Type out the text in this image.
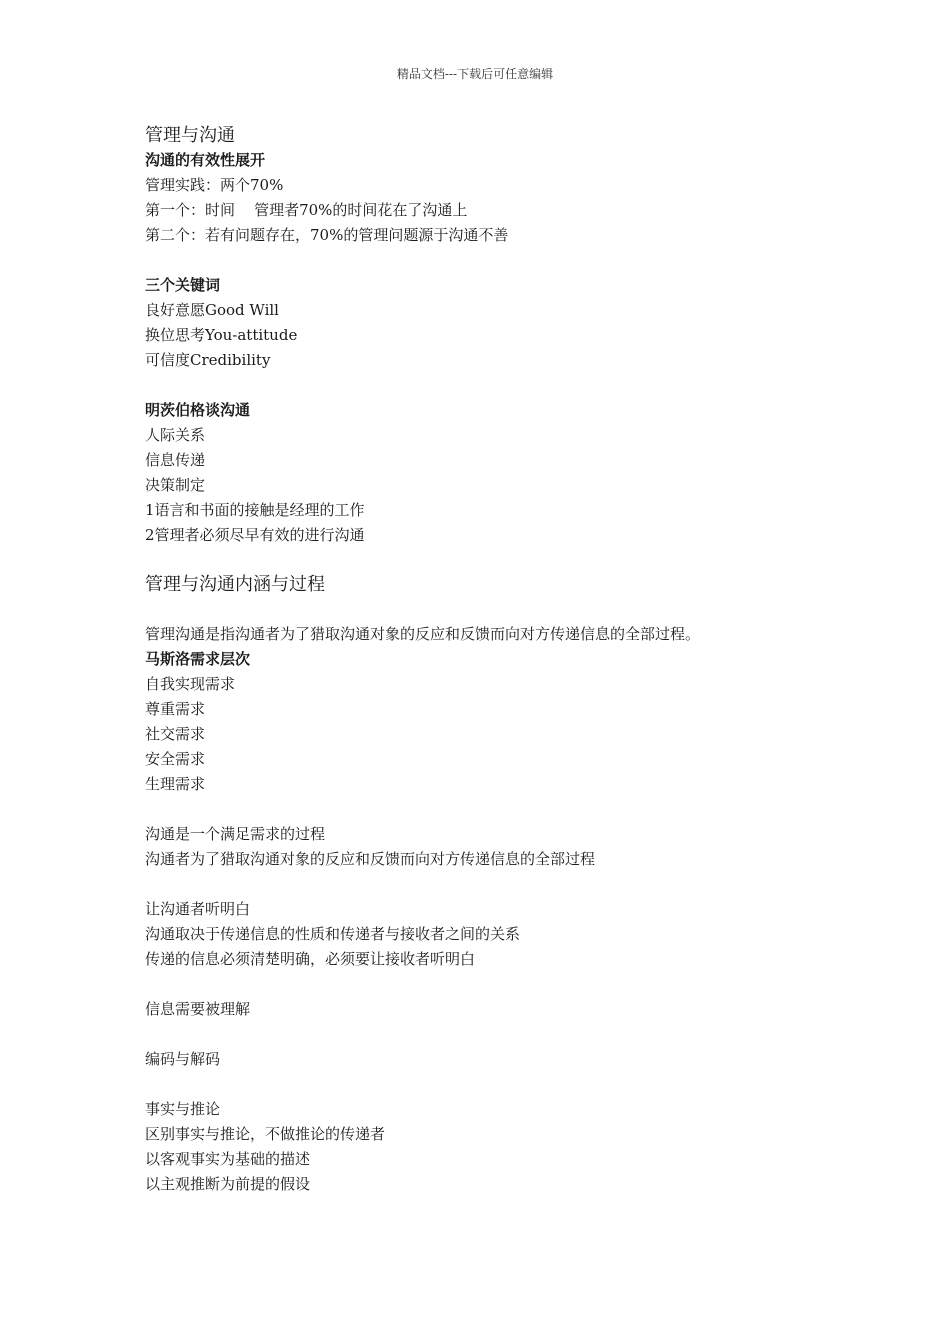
精品文档---下载后可任意编辑
管理与沟通
沟通的有效性展开
管理实践：两个70%
第一个：时间    管理者70%的时间花在了沟通上
第二个：若有问题存在，70%的管理问题源于沟通不善
三个关键词
良好意愿Good Will
换位思考You-attitude
可信度Credibility
明茨伯格谈沟通
人际关系
信息传递
决策制定
1语言和书面的接触是经理的工作
2管理者必须尽早有效的进行沟通
管理与沟通内涵与过程
管理沟通是指沟通者为了猎取沟通对象的反应和反馈而向对方传递信息的全部过程。
马斯洛需求层次
自我实现需求
尊重需求
社交需求
安全需求
生理需求
沟通是一个满足需求的过程
沟通者为了猎取沟通对象的反应和反馈而向对方传递信息的全部过程
让沟通者听明白
沟通取决于传递信息的性质和传递者与接收者之间的关系
传递的信息必须清楚明确，必须要让接收者听明白
信息需要被理解
编码与解码
事实与推论
区别事实与推论，不做推论的传递者
以客观事实为基础的描述
以主观推断为前提的假设
